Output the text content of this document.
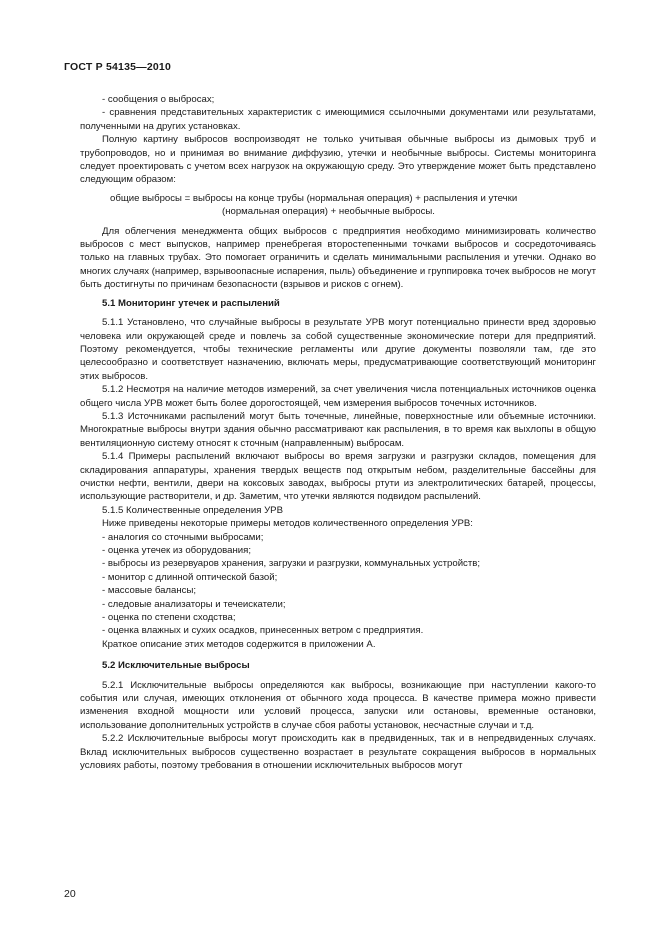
ГОСТ Р 54135—2010

- сообщения о выбросах;

- сравнения представительных характеристик с имеющимися ссылочными документами или результатами, полученными на других установках.

Полную картину выбросов воспроизводят не только учитывая обычные выбросы из дымовых труб и трубопроводов, но и принимая во внимание диффузию, утечки и необычные выбросы. Системы мониторинга следует проектировать с учетом всех нагрузок на окружающую среду. Это утверждение может быть представлено следующим образом:

общие выбросы = выбросы на конце трубы (нормальная операция) + распыления и утечки
(нормальная операция) + необычные выбросы.

Для облегчения менеджмента общих выбросов с предприятия необходимо минимизировать количество выбросов с мест выпусков, например пренебрегая второстепенными точками выбросов и сосредоточиваясь только на главных трубах. Это помогает ограничить и сделать минимальными распыления и утечки. Однако во многих случаях (например, взрывоопасные испарения, пыль) объединение и группировка точек выбросов не могут быть достигнуты по причинам безопасности (взрывов и рисков с огнем).

5.1 Мониторинг утечек и распылений

5.1.1 Установлено, что случайные выбросы в результате УРВ могут потенциально принести вред здоровью человека или окружающей среде и повлечь за собой существенные экономические потери для предприятий. Поэтому рекомендуется, чтобы технические регламенты или другие документы позволяли там, где это целесообразно и соответствует назначению, включать меры, предусматривающие соответствующий мониторинг этих выбросов.

5.1.2 Несмотря на наличие методов измерений, за счет увеличения числа потенциальных источников оценка общего числа УРВ может быть более дорогостоящей, чем измерения выбросов точечных источников.

5.1.3 Источниками распылений могут быть точечные, линейные, поверхностные или объемные источники. Многократные выбросы внутри здания обычно рассматривают как распыления, в то время как выхлопы в общую вентиляционную систему относят к сточным (направленным) выбросам.

5.1.4 Примеры распылений включают выбросы во время загрузки и разгрузки складов, помещения для складирования аппаратуры, хранения твердых веществ под открытым небом, разделительные бассейны для очистки нефти, вентили, двери на коксовых заводах, выбросы ртути из электролитических батарей, процессы, использующие растворители, и др. Заметим, что утечки являются подвидом распылений.

5.1.5 Количественные определения УРВ

Ниже приведены некоторые примеры методов количественного определения УРВ:

- аналогия со сточными выбросами;

- оценка утечек из оборудования;

- выбросы из резервуаров хранения, загрузки и разгрузки, коммунальных устройств;

- монитор с длинной оптической базой;

- массовые балансы;

- следовые анализаторы и течеискатели;

- оценка по степени сходства;

- оценка влажных и сухих осадков, принесенных ветром с предприятия.

Краткое описание этих методов содержится в приложении А.

5.2 Исключительные выбросы

5.2.1 Исключительные выбросы определяются как выбросы, возникающие при наступлении какого-то события или случая, имеющих отклонения от обычного хода процесса. В качестве примера можно привести изменения входной мощности или условий процесса, запуски или остановы, временные остановки, использование дополнительных устройств в случае сбоя работы установок, несчастные случаи и т.д.

5.2.2 Исключительные выбросы могут происходить как в предвиденных, так и в непредвиденных случаях. Вклад исключительных выбросов существенно возрастает в результате сокращения выбросов в нормальных условиях работы, поэтому требования в отношении исключительных выбросов могут

20
